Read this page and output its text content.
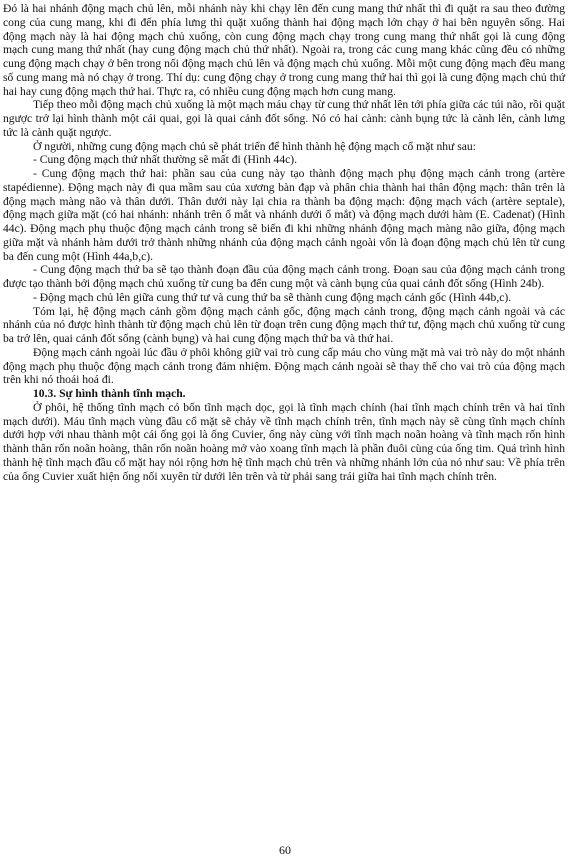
Đó là hai nhánh động mạch chủ lên, mỗi nhánh này khi chạy lên đến cung mang thứ nhất thì đi quặt ra sau theo đường cong của cung mang, khi đi đến phía lưng thì quặt xuống thành hai động mạch lớn chạy ở hai bên nguyên sống. Hai động mạch này là hai động mạch chủ xuống, còn cung động mạch chạy trong cung mang thứ nhất gọi là cung động mạch cung mang thứ nhất (hay cung động mạch chủ thứ nhất). Ngoài ra, trong các cung mang khác cũng đều có những cung động mạch chạy ở bên trong nối động mạch chủ lên và động mạch chủ xuống. Mỗi một cung động mạch đều mang số cung mang mà nó chạy ở trong. Thí dụ: cung động chạy ở trong cung mang thứ hai thì gọi là cung động mạch chủ thứ hai hay cung động mạch thứ hai. Thực ra, có nhiều cung động mạch hơn cung mang.

Tiếp theo mỗi động mạch chủ xuống là một mạch máu chạy từ cung thứ nhất lên tới phía giữa các túi não, rồi quặt ngược trở lại hình thành một cái quai, gọi là quai cảnh đốt sống. Nó có hai cành: cành bụng tức là cành lên, cành lưng tức là cành quặt ngược.

Ở người, những cung động mạch chủ sẽ phát triển để hình thành hệ động mạch cổ mặt như sau:

- Cung động mạch thứ nhất thường sẽ mất đi (Hình 44c).

- Cung động mạch thứ hai: phần sau của cung này tạo thành động mạch phụ động mạch cảnh trong (artère stapédienne). Động mạch này đi qua mầm sau của xương bàn đạp và phân chia thành hai thân động mạch: thân trên là động mạch màng não và thân dưới. Thân dưới này lại chia ra thành ba động mạch: động mạch vách (artère septale), động mạch giữa mặt (có hai nhánh: nhánh trên ổ mắt và nhánh dưới ổ mắt) và động mạch dưới hàm (E. Cadenat) (Hình 44c). Động mạch phụ thuộc động mạch cảnh trong sẽ biến đi khi những nhánh động mạch màng não giữa, động mạch giữa mặt và nhánh hàm dưới trở thành những nhánh của động mạch cảnh ngoài vốn là đoạn động mạch chủ lên từ cung ba đến cung một (Hình 44a,b,c).

- Cung động mạch thứ ba sẽ tạo thành đoạn đầu của động mạch cảnh trong. Đoạn sau của động mạch cảnh trong được tạo thành bởi động mạch chủ xuống từ cung ba đến cung một và cành bụng của quai cảnh đốt sống (Hình 24b).

- Động mạch chủ lên giữa cung thứ tư và cung thứ ba sẽ thành cung động mạch cảnh gốc (Hình 44b,c).

Tóm lại, hệ động mạch cảnh gồm động mạch cảnh gốc, động mạch cảnh trong, động mạch cảnh ngoài và các nhánh của nó được hình thành từ động mạch chủ lên từ đoạn trên cung động mạch thứ tư, động mạch chủ xuống từ cung ba trở lên, quai cảnh đốt sống (cành bụng) và hai cung động mạch thứ ba và thứ hai.

Động mạch cảnh ngoài lúc đầu ở phôi không giữ vai trò cung cấp máu cho vùng mặt mà vai trò này do một nhánh động mạch phụ thuộc động mạch cảnh trong đảm nhiệm. Động mạch cảnh ngoài sẽ thay thế cho vai trò của động mạch trên khi nó thoái hoá đi.

10.3. Sự hình thành tĩnh mạch.

Ở phôi, hệ thống tĩnh mạch có bốn tĩnh mạch dọc, gọi là tĩnh mạch chính (hai tĩnh mạch chính trên và hai tĩnh mạch dưới). Máu tĩnh mạch vùng đầu cổ mặt sẽ chảy về tĩnh mạch chính trên, tĩnh mạch này sẽ cùng tĩnh mạch chính dưới hợp với nhau thành một cái ống gọi là ống Cuvier, ống này cùng với tĩnh mạch noãn hoàng và tĩnh mạch rốn hình thành thân rốn noãn hoàng, thân rốn noãn hoàng mở vào xoang tĩnh mạch là phần đuôi cùng của ống tim. Quá trình hình thành hệ tĩnh mạch đầu cổ mặt hay nói rộng hơn hệ tĩnh mạch chủ trên và những nhánh lớn của nó như sau: Về phía trên của ống Cuvier xuất hiện ống nối xuyên từ dưới lên trên và từ phải sang trái giữa hai tĩnh mạch chính trên.

60
